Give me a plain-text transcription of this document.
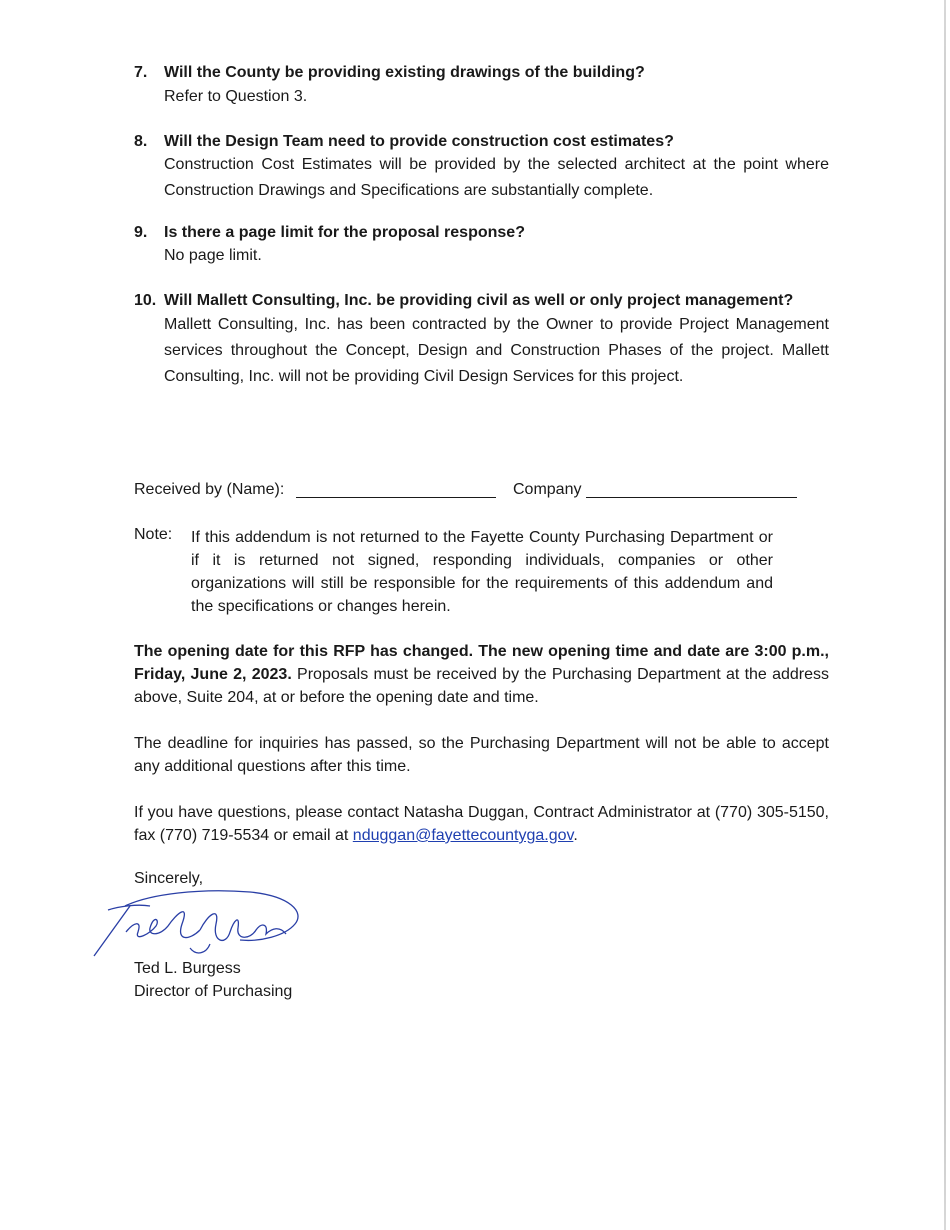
7. Will the County be providing existing drawings of the building?
Refer to Question 3.
8. Will the Design Team need to provide construction cost estimates?
Construction Cost Estimates will be provided by the selected architect at the point where Construction Drawings and Specifications are substantially complete.
9. Is there a page limit for the proposal response?
No page limit.
10. Will Mallett Consulting, Inc. be providing civil as well or only project management?
Mallett Consulting, Inc. has been contracted by the Owner to provide Project Management services throughout the Concept, Design and Construction Phases of the project. Mallett Consulting, Inc. will not be providing Civil Design Services for this project.
Received by (Name):	Company
Note: If this addendum is not returned to the Fayette County Purchasing Department or if it is returned not signed, responding individuals, companies or other organizations will still be responsible for the requirements of this addendum and the specifications or changes herein.
The opening date for this RFP has changed. The new opening time and date are 3:00 p.m., Friday, June 2, 2023. Proposals must be received by the Purchasing Department at the address above, Suite 204, at or before the opening date and time.
The deadline for inquiries has passed, so the Purchasing Department will not be able to accept any additional questions after this time.
If you have questions, please contact Natasha Duggan, Contract Administrator at (770) 305-5150, fax (770) 719-5534 or email at nduggan@fayettecountyga.gov.
Sincerely,
Ted L. Burgess
Director of Purchasing
